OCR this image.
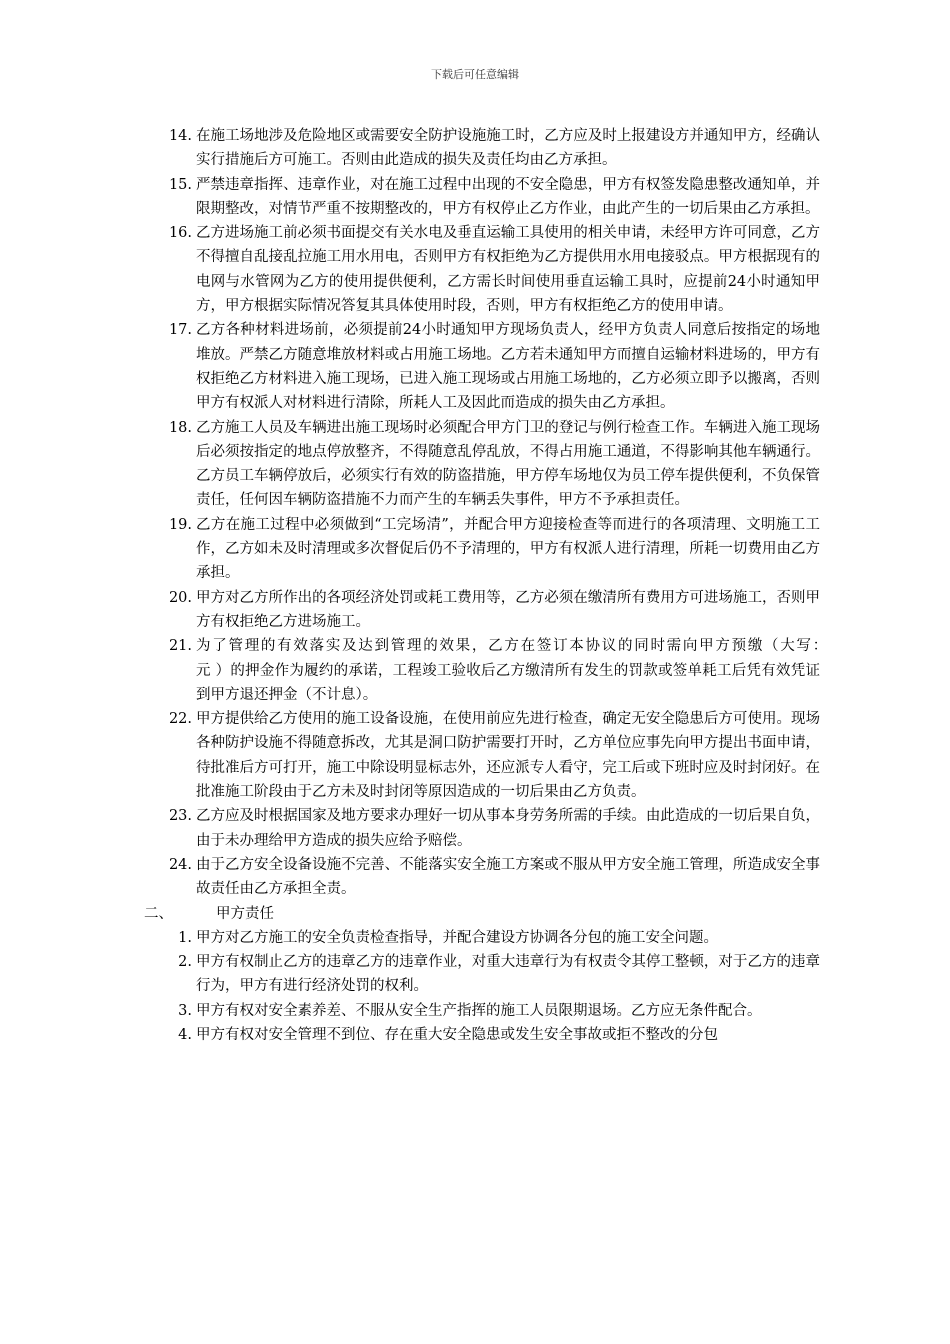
下载后可任意编辑
14. 在施工场地涉及危险地区或需要安全防护设施施工时，乙方应及时上报建设方并通知甲方，经确认实行措施后方可施工。否则由此造成的损失及责任均由乙方承担。
15. 严禁违章指挥、违章作业，对在施工过程中出现的不安全隐患，甲方有权签发隐患整改通知单，并限期整改，对情节严重不按期整改的，甲方有权停止乙方作业，由此产生的一切后果由乙方承担。
16. 乙方进场施工前必须书面提交有关水电及垂直运输工具使用的相关申请，未经甲方许可同意，乙方不得擅自乱接乱拉施工用水用电，否则甲方有权拒绝为乙方提供用水用电接驳点。甲方根据现有的电网与水管网为乙方的使用提供便利，乙方需长时间使用垂直运输工具时，应提前24小时通知甲方，甲方根据实际情况答复其具体使用时段，否则，甲方有权拒绝乙方的使用申请。
17. 乙方各种材料进场前，必须提前24小时通知甲方现场负责人，经甲方负责人同意后按指定的场地堆放。严禁乙方随意堆放材料或占用施工场地。乙方若未通知甲方而擅自运输材料进场的，甲方有权拒绝乙方材料进入施工现场，已进入施工现场或占用施工场地的，乙方必须立即予以搬离，否则甲方有权派人对材料进行清除，所耗人工及因此而造成的损失由乙方承担。
18. 乙方施工人员及车辆进出施工现场时必须配合甲方门卫的登记与例行检查工作。车辆进入施工现场后必须按指定的地点停放整齐，不得随意乱停乱放，不得占用施工通道，不得影响其他车辆通行。乙方员工车辆停放后，必须实行有效的防盗措施，甲方停车场地仅为员工停车提供便利，不负保管责任，任何因车辆防盗措施不力而产生的车辆丢失事件，甲方不予承担责任。
19. 乙方在施工过程中必须做到“工完场清”，并配合甲方迎接检查等而进行的各项清理、文明施工工作，乙方如未及时清理或多次督促后仍不予清理的，甲方有权派人进行清理，所耗一切费用由乙方承担。
20. 甲方对乙方所作出的各项经济处罚或耗工费用等，乙方必须在缴清所有费用方可进场施工，否则甲方有权拒绝乙方进场施工。
21. 为了管理的有效落实及达到管理的效果，乙方在签订本协议的同时需向甲方预缴（大写：　　　　元 ）的押金作为履约的承诺，工程竣工验收后乙方缴清所有发生的罚款或签单耗工后凭有效凭证到甲方退还押金（不计息）。
22. 甲方提供给乙方使用的施工设备设施，在使用前应先进行检查，确定无安全隐患后方可使用。现场各种防护设施不得随意拆改，尤其是洞口防护需要打开时，乙方单位应事先向甲方提出书面申请，待批准后方可打开，施工中除设明显标志外，还应派专人看守，完工后或下班时应及时封闭好。在批准施工阶段由于乙方未及时封闭等原因造成的一切后果由乙方负责。
23. 乙方应及时根据国家及地方要求办理好一切从事本身劳务所需的手续。由此造成的一切后果自负，由于未办理给甲方造成的损失应给予赔偿。
24. 由于乙方安全设备设施不完善、不能落实安全施工方案或不服从甲方安全施工管理，所造成安全事故责任由乙方承担全责。
二、	甲方责任
1. 甲方对乙方施工的安全负责检查指导，并配合建设方协调各分包的施工安全问题。
2. 甲方有权制止乙方的违章乙方的违章作业，对重大违章行为有权责令其停工整顿，对于乙方的违章行为，甲方有进行经济处罚的权利。
3. 甲方有权对安全素养差、不服从安全生产指挥的施工人员限期退场。乙方应无条件配合。
4. 甲方有权对安全管理不到位、存在重大安全隐患或发生安全事故或拒不整改的分包
